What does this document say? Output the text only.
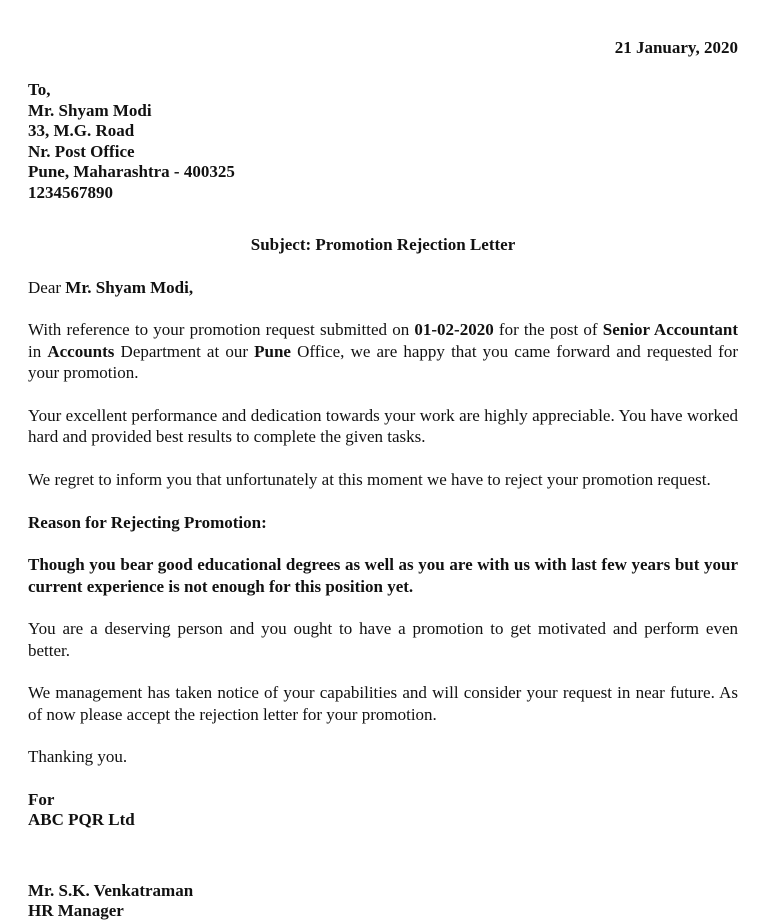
21 January, 2020
To,
Mr. Shyam Modi
33, M.G. Road
Nr. Post Office
Pune, Maharashtra - 400325
1234567890
Subject: Promotion Rejection Letter
Dear Mr. Shyam Modi,

With reference to your promotion request submitted on 01-02-2020 for the post of Senior Accountant in Accounts Department at our Pune Office, we are happy that you came forward and requested for your promotion.

Your excellent performance and dedication towards your work are highly appreciable. You have worked hard and provided best results to complete the given tasks.

We regret to inform you that unfortunately at this moment we have to reject your promotion request.

Reason for Rejecting Promotion:

Though you bear good educational degrees as well as you are with us with last few years but your current experience is not enough for this position yet.

You are a deserving person and you ought to have a promotion to get motivated and perform even better.

We management has taken notice of your capabilities and will consider your request in near future. As of now please accept the rejection letter for your promotion.

Thanking you.

For
ABC PQR Ltd
Mr. S.K. Venkatraman
HR Manager
